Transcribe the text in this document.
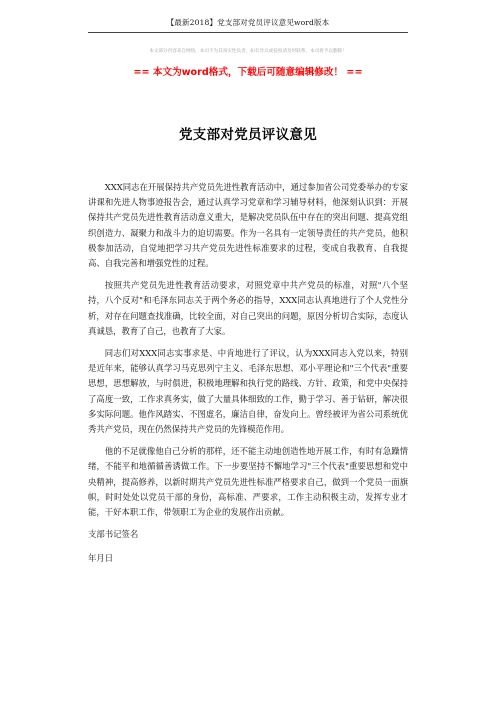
【最新2018】党支部对党员评议意见word版本
本文部分内容来自网络，本司不为其真实性负责，如有异议或侵权请及时联系，本司将予以删除！
== 本文为word格式，下载后可随意编辑修改！ ==
党支部对党员评议意见

XXX同志在开展保持共产党员先进性教育活动中，通过参加省公司党委举办的专家讲课和先进人物事迹报告会，通过认真学习党章和学习辅导材料，他深刻认识到：开展保持共产党员先进性教育活动意义重大，是解决党员队伍中存在的突出问题、提高党组织创造力、凝聚力和战斗力的迫切需要。作为一名具有一定领导责任的共产党员，他积极参加活动，自觉地把学习共产党员先进性标准要求的过程，变成自我教育、自我提高、自我完善和增强党性的过程。

按照共产党员先进性教育活动要求，对照党章中共产党员的标准，对照"八个坚持，八个反对"和毛泽东同志关于两个务必的指导，XXX同志认真地进行了个人党性分析，对存在问题查找准确，比较全面，对自己突出的问题，原因分析切合实际，态度认真诚恳，教育了自己，也教育了大家。

同志们对XXX同志实事求是、中肯地进行了评议，认为XXX同志入党以来，特别是近年来，能够认真学习马克思列宁主义、毛泽东思想、邓小平理论和"三个代表"重要思想，思想解放，与时俱进，积极地理解和执行党的路线、方针、政策，和党中央保持了高度一致，工作求真务实，做了大量具体细致的工作，勤于学习、善于钻研，解决很多实际问题。他作风踏实、不图虚名，廉洁自律，奋发向上。曾经被评为省公司系统优秀共产党员，现在仍然保持共产党员的先锋模范作用。

他的不足就像他自己分析的那样，还不能主动地创造性地开展工作，有时有急躁情绪，不能平和地循循善诱做工作。下一步要坚持不懈地学习"三个代表"重要思想和党中央精神，提高修养，以新时期共产党员先进性标准严格要求自己，做到一个党员一面旗帜，时时处处以党员干部的身份，高标准、严要求，工作主动积极主动，发挥专业才能，干好本职工作，带领职工为企业的发展作出贡献。

支部书记签名

年月日
